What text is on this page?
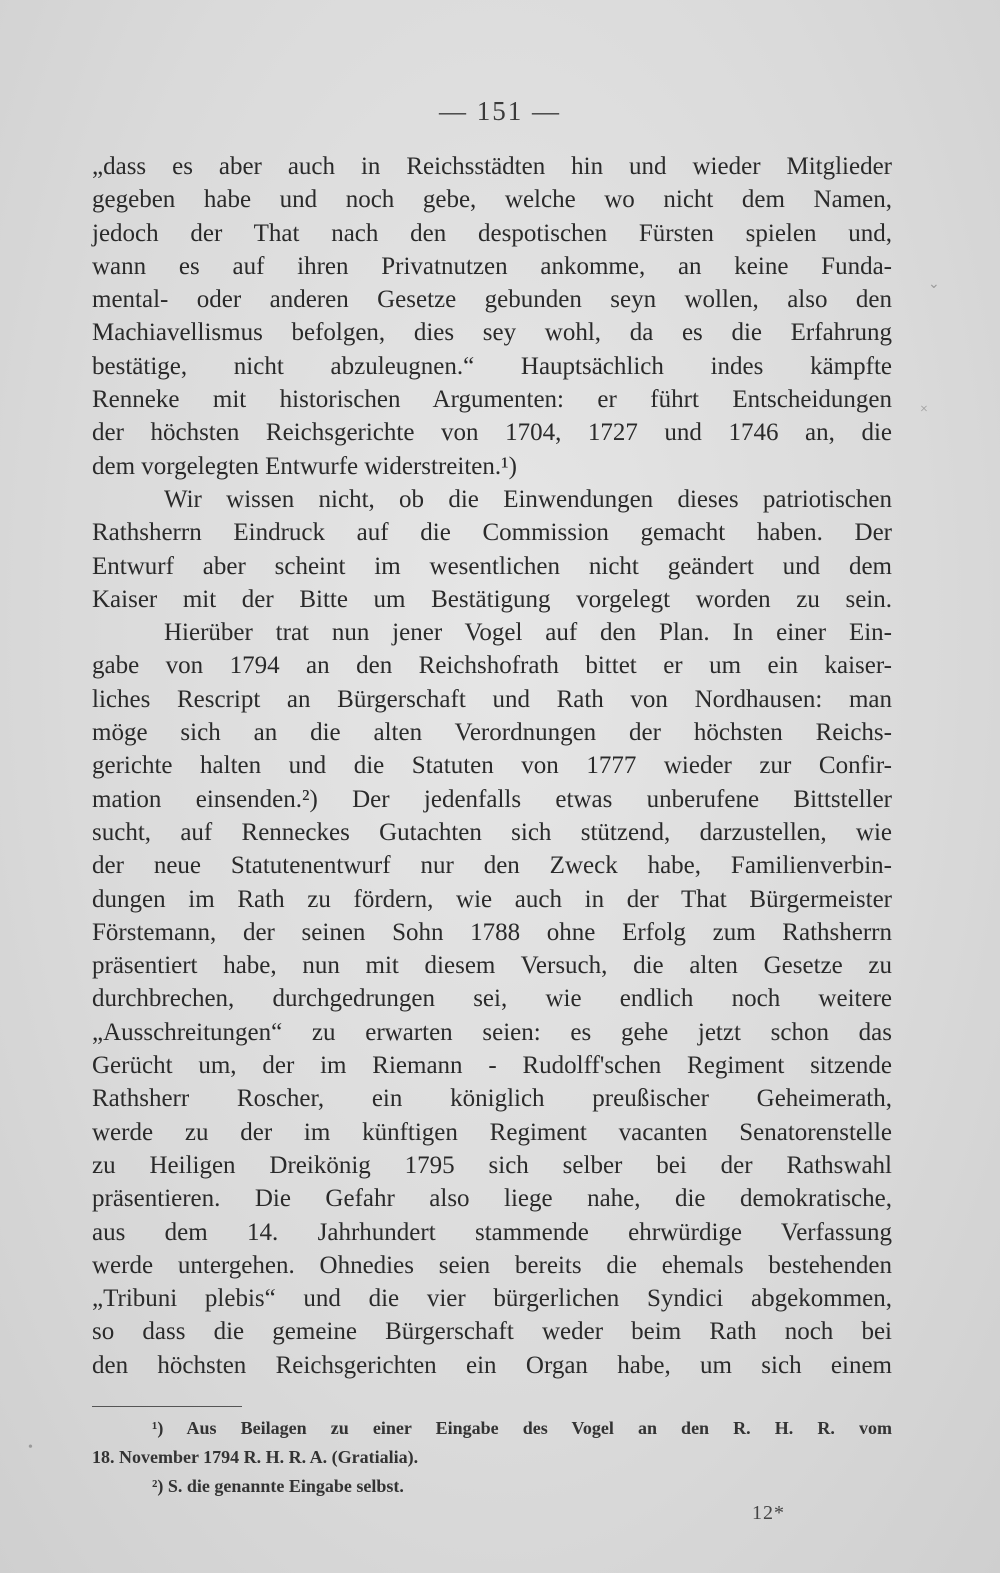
— 151 —
„dass es aber auch in Reichsstädten hin und wieder Mitglieder
gegeben habe und noch gebe, welche wo nicht dem Namen,
jedoch der That nach den despotischen Fürsten spielen und,
wann es auf ihren Privatnutzen ankomme, an keine Funda-
mental- oder anderen Gesetze gebunden seyn wollen, also den
Machiavellismus befolgen, dies sey wohl, da es die Erfahrung
bestätige, nicht abzuleugnen.“ Hauptsächlich indes kämpfte
Renneke mit historischen Argumenten: er führt Entscheidungen
der höchsten Reichsgerichte von 1704, 1727 und 1746 an, die
dem vorgelegten Entwurfe widerstreiten.¹)
Wir wissen nicht, ob die Einwendungen dieses patriotischen
Rathsherrn Eindruck auf die Commission gemacht haben. Der
Entwurf aber scheint im wesentlichen nicht geändert und dem
Kaiser mit der Bitte um Bestätigung vorgelegt worden zu sein.
Hierüber trat nun jener Vogel auf den Plan. In einer Ein-
gabe von 1794 an den Reichshofrath bittet er um ein kaiser-
liches Rescript an Bürgerschaft und Rath von Nordhausen: man
möge sich an die alten Verordnungen der höchsten Reichs-
gerichte halten und die Statuten von 1777 wieder zur Confir-
mation einsenden.²) Der jedenfalls etwas unberufene Bittsteller
sucht, auf Renneckes Gutachten sich stützend, darzustellen, wie
der neue Statutenentwurf nur den Zweck habe, Familienverbin-
dungen im Rath zu fördern, wie auch in der That Bürgermeister
Förstemann, der seinen Sohn 1788 ohne Erfolg zum Rathsherrn
präsentiert habe, nun mit diesem Versuch, die alten Gesetze zu
durchbrechen, durchgedrungen sei, wie endlich noch weitere
„Ausschreitungen“ zu erwarten seien: es gehe jetzt schon das
Gerücht um, der im Riemann - Rudolff'schen Regiment sitzende
Rathsherr Roscher, ein königlich preußischer Geheimerath,
werde zu der im künftigen Regiment vacanten Senatorenstelle
zu Heiligen Dreikönig 1795 sich selber bei der Rathswahl
präsentieren. Die Gefahr also liege nahe, die demokratische,
aus dem 14. Jahrhundert stammende ehrwürdige Verfassung
werde untergehen. Ohnedies seien bereits die ehemals bestehenden
„Tribuni plebis“ und die vier bürgerlichen Syndici abgekommen,
so dass die gemeine Bürgerschaft weder beim Rath noch bei
den höchsten Reichsgerichten ein Organ habe, um sich einem
¹) Aus Beilagen zu einer Eingabe des Vogel an den R. H. R. vom
18. November 1794 R. H. R. A. (Gratialia).
²) S. die genannte Eingabe selbst.
12*
⌄
×
•
